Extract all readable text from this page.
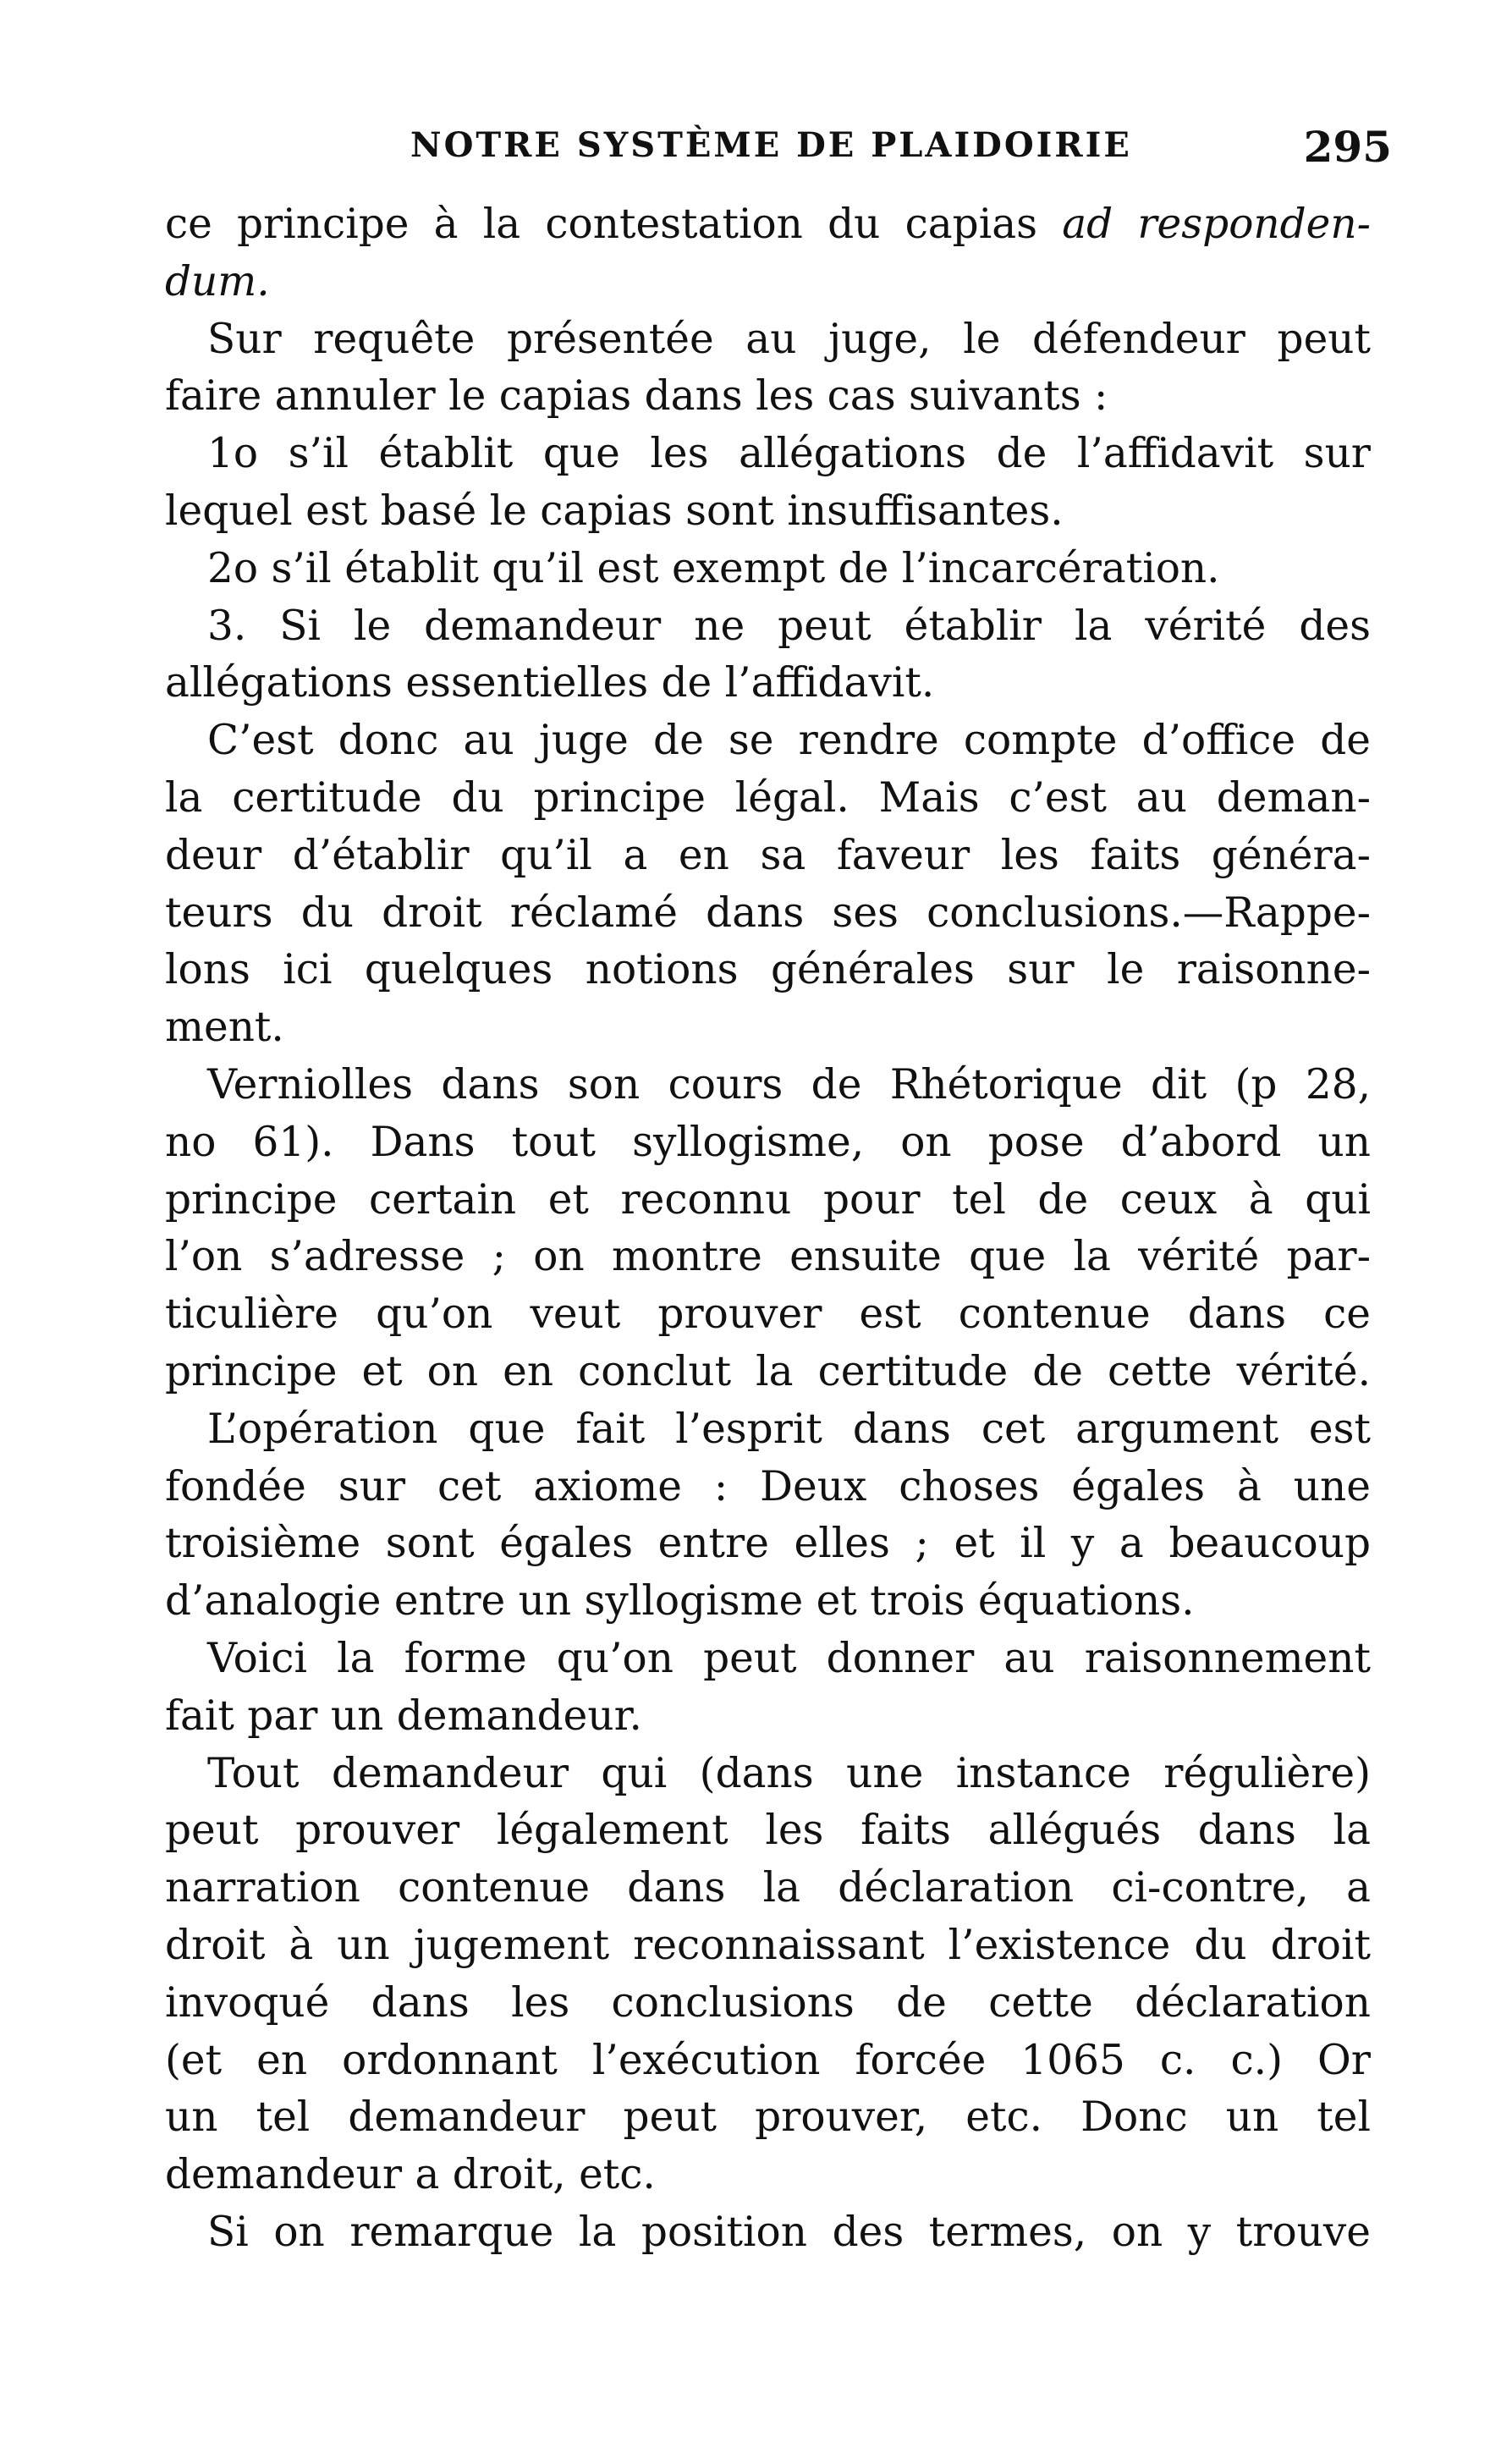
NOTRE SYSTÈME DE PLAIDOIRIE	295
ce principe à la contestation du capias ad responden-
dum.
Sur requête présentée au juge, le défendeur peut
faire annuler le capias dans les cas suivants :
1o s’il établit que les allégations de l’affidavit sur
lequel est basé le capias sont insuffisantes.
2o s’il établit qu’il est exempt de l’incarcération.
3. Si le demandeur ne peut établir la vérité des
allégations essentielles de l’affidavit.
C’est donc au juge de se rendre compte d’office de
la certitude du principe légal. Mais c’est au deman-
deur d’établir qu’il a en sa faveur les faits généra-
teurs du droit réclamé dans ses conclusions.—Rappe-
lons ici quelques notions générales sur le raisonne-
ment.
Verniolles dans son cours de Rhétorique dit (p 28,
no 61). Dans tout syllogisme, on pose d’abord un
principe certain et reconnu pour tel de ceux à qui
l’on s’adresse ; on montre ensuite que la vérité par-
ticulière qu’on veut prouver est contenue dans ce
principe et on en conclut la certitude de cette vérité.
L’opération que fait l’esprit dans cet argument est
fondée sur cet axiome : Deux choses égales à une
troisième sont égales entre elles ; et il y a beaucoup
d’analogie entre un syllogisme et trois équations.
Voici la forme qu’on peut donner au raisonnement
fait par un demandeur.
Tout demandeur qui (dans une instance régulière)
peut prouver légalement les faits allégués dans la
narration contenue dans la déclaration ci-contre, a
droit à un jugement reconnaissant l’existence du droit
invoqué dans les conclusions de cette déclaration
(et en ordonnant l’exécution forcée 1065 c. c.) Or
un tel demandeur peut prouver, etc. Donc un tel
demandeur a droit, etc.
Si on remarque la position des termes, on y trouve
